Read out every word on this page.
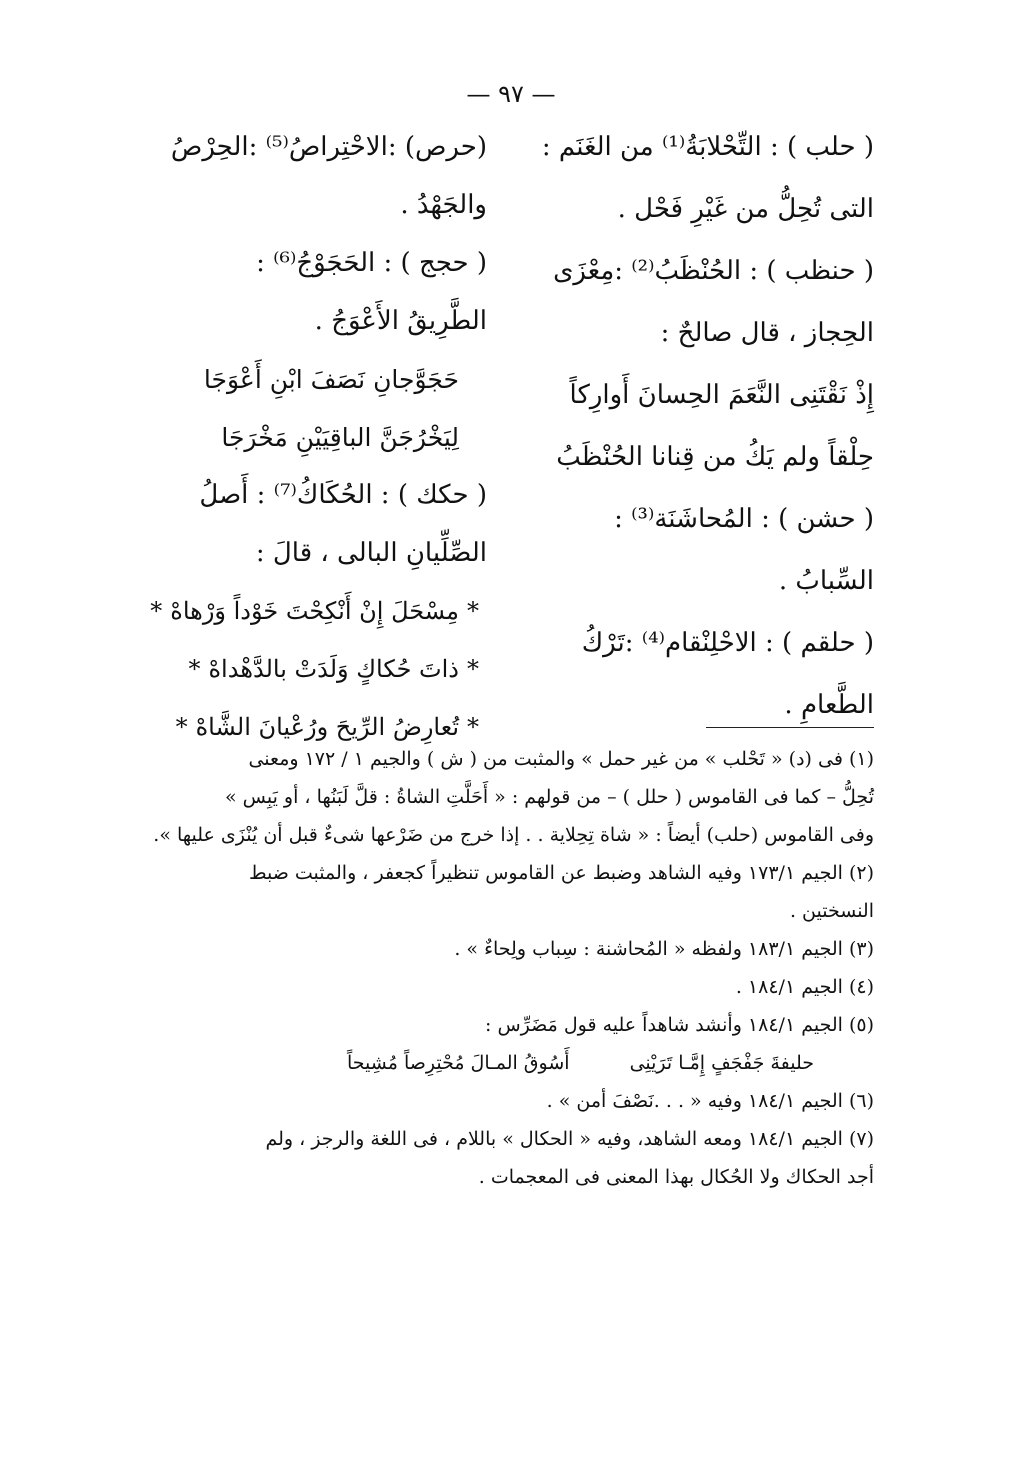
— ٩٧ —
( حلب ) : التِّحْلابَةُ⁽¹⁾ من الغَنَم :
التى تُحِلُّ من غَيْرِ فَحْل .
( حنظب ) : الحُنْظَبُ⁽²⁾ :مِعْزَى
الحِجاز ، قال صالحٌ :
إِذْ نَقْتَنِى النَّعَمَ الحِسانَ أَوارِكاً
حِلْقاً ولم يَكُ من قِنانا الحُنْظَبُ
( حشن ) : المُحاشَنَة⁽³⁾ :
السِّبابُ .
( حلقم ) : الاحْلِنْقام⁽⁴⁾ :تَرْكُ
الطَّعامِ .
(حرص) :الاحْتِراصُ⁽⁵⁾ :الحِرْصُ
والجَهْدُ .
( حجج ) : الحَجَوْجُ⁽⁶⁾ :
الطَّرِيقُ الأَعْوَجُ .
حَجَوَّجانِ نَصَفَ ابْنِ أَعْوَجَا
لِيَخْرُجَنَّ الباقِيَيْنِ مَخْرَجَا
( حكك ) : الحُكَاكُ⁽⁷⁾ : أَصلُ
الصِّلِّيانِ البالى ، قالَ :
*مِسْحَلَ إِنْ أَنْكِحْتَ خَوْداً وَرْهاهْ*
*ذاتَ حُكاكٍ وَلَدَتْ بالدَّهْداهْ*
*تُعارِضُ الرِّيحَ ورُعْيانَ الشَّاهْ*

(١) فى (د) « تَحْلب » من غير حمل » والمثبت من ( ش ) والجيم ١ / ١٧٢ ومعنى

تُحِلُّ – كما فى القاموس ( حلل ) – من قولهم : « أَحَلَّتِ الشاةُ : قلَّ لَبَنُها ، أو يَبِس »

وفى القاموس (حلب) أيضاً : « شاة تِحِلاية . . إذا خرج من ضَرْعها شىءٌ قبل أن يُنْزَى عليها ».

(٢) الجيم ١٧٣/١ وفيه الشاهد وضبط عن القاموس تنظيراً كجعفر ، والمثبت ضبط

النسختين .

(٣) الجيم ١٨٣/١ ولفظه « المُحاشنة : سِباب ولِحاءٌ » .

(٤) الجيم ١٨٤/١ .

(٥) الجيم ١٨٤/١ وأنشد شاهداً عليه قول مَضَرِّس :

حليفةَ جَفْجَفٍ إِمَّـا تَرَيْنِىأَسُوقُ المـالَ مُحْتِرِصاً مُشِيحاً

(٦) الجيم ١٨٤/١ وفيه « . . .نَصْفَ أمن » .

(٧) الجيم ١٨٤/١ ومعه الشاهد، وفيه « الحكال » باللام ، فى اللغة والرجز ، ولم

أجد الحكاك ولا الحُكال بهذا المعنى فى المعجمات .
